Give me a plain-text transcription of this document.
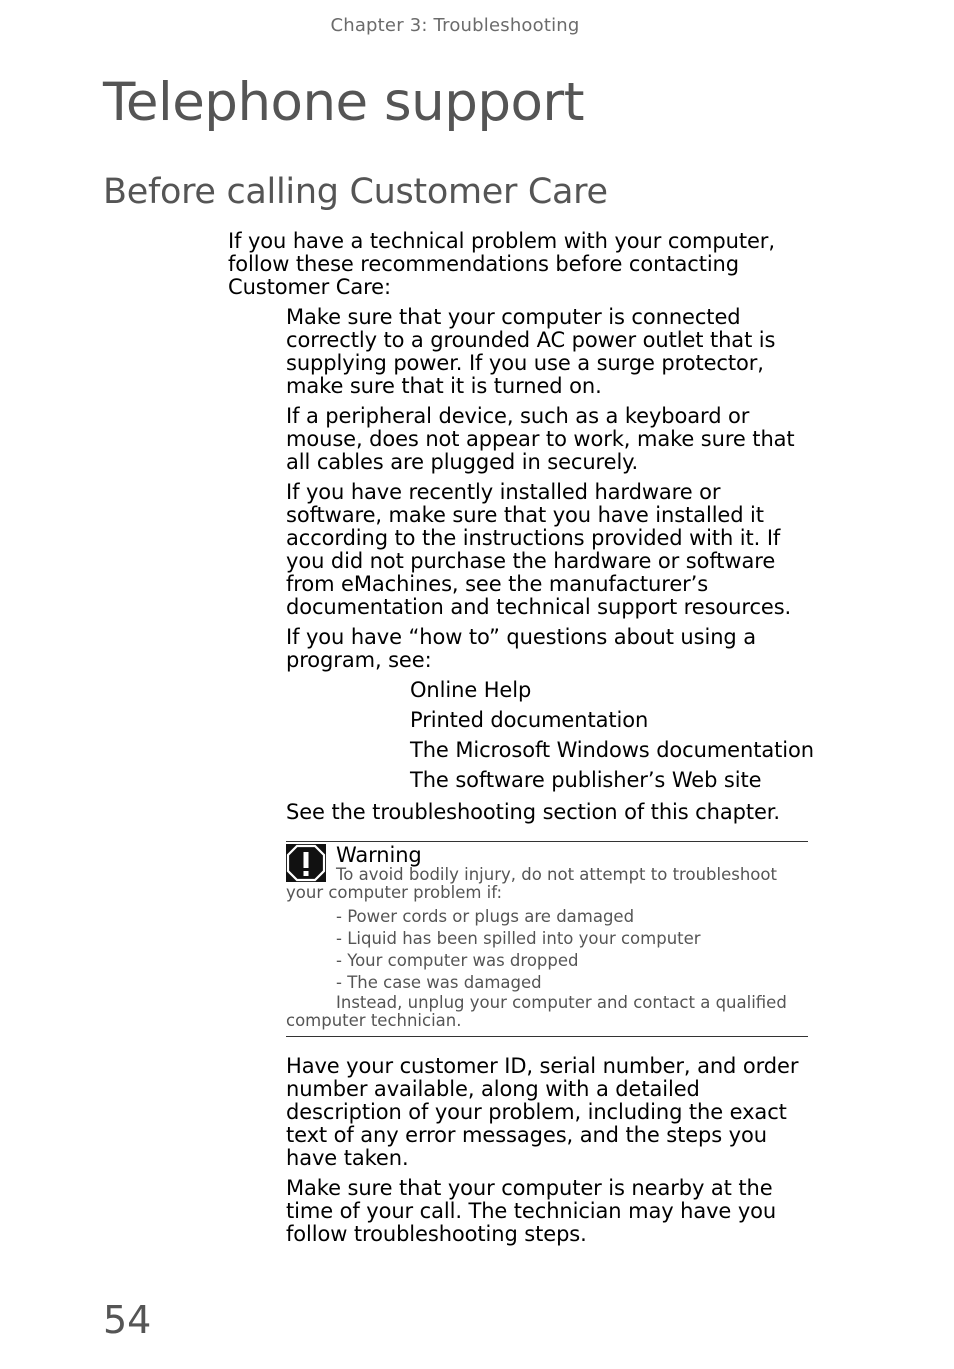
Chapter 3: Troubleshooting
Telephone support
Before calling Customer Care

If you have a technical problem with your computer, follow these recommendations before contacting Customer Care:

Make sure that your computer is connected correctly to a grounded AC power outlet that is supplying power. If you use a surge protector, make sure that it is turned on.

If a peripheral device, such as a keyboard or mouse, does not appear to work, make sure that all cables are plugged in securely.

If you have recently installed hardware or software, make sure that you have installed it according to the instructions provided with it. If you did not purchase the hardware or software from eMachines, see the manufacturer’s documentation and technical support resources.

If you have “how to” questions about using a program, see:

Online Help
Printed documentation
The Microsoft Windows documentation
The software publisher’s Web site

See the troubleshooting section of this chapter.

Warning

To avoid bodily injury, do not attempt to troubleshoot your computer problem if:

- Power cords or plugs are damaged
- Liquid has been spilled into your computer
- Your computer was dropped
- The case was damaged

Instead, unplug your computer and contact a qualified computer technician.

Have your customer ID, serial number, and order number available, along with a detailed description of your problem, including the exact text of any error messages, and the steps you have taken.

Make sure that your computer is nearby at the time of your call. The technician may have you follow troubleshooting steps.

54
